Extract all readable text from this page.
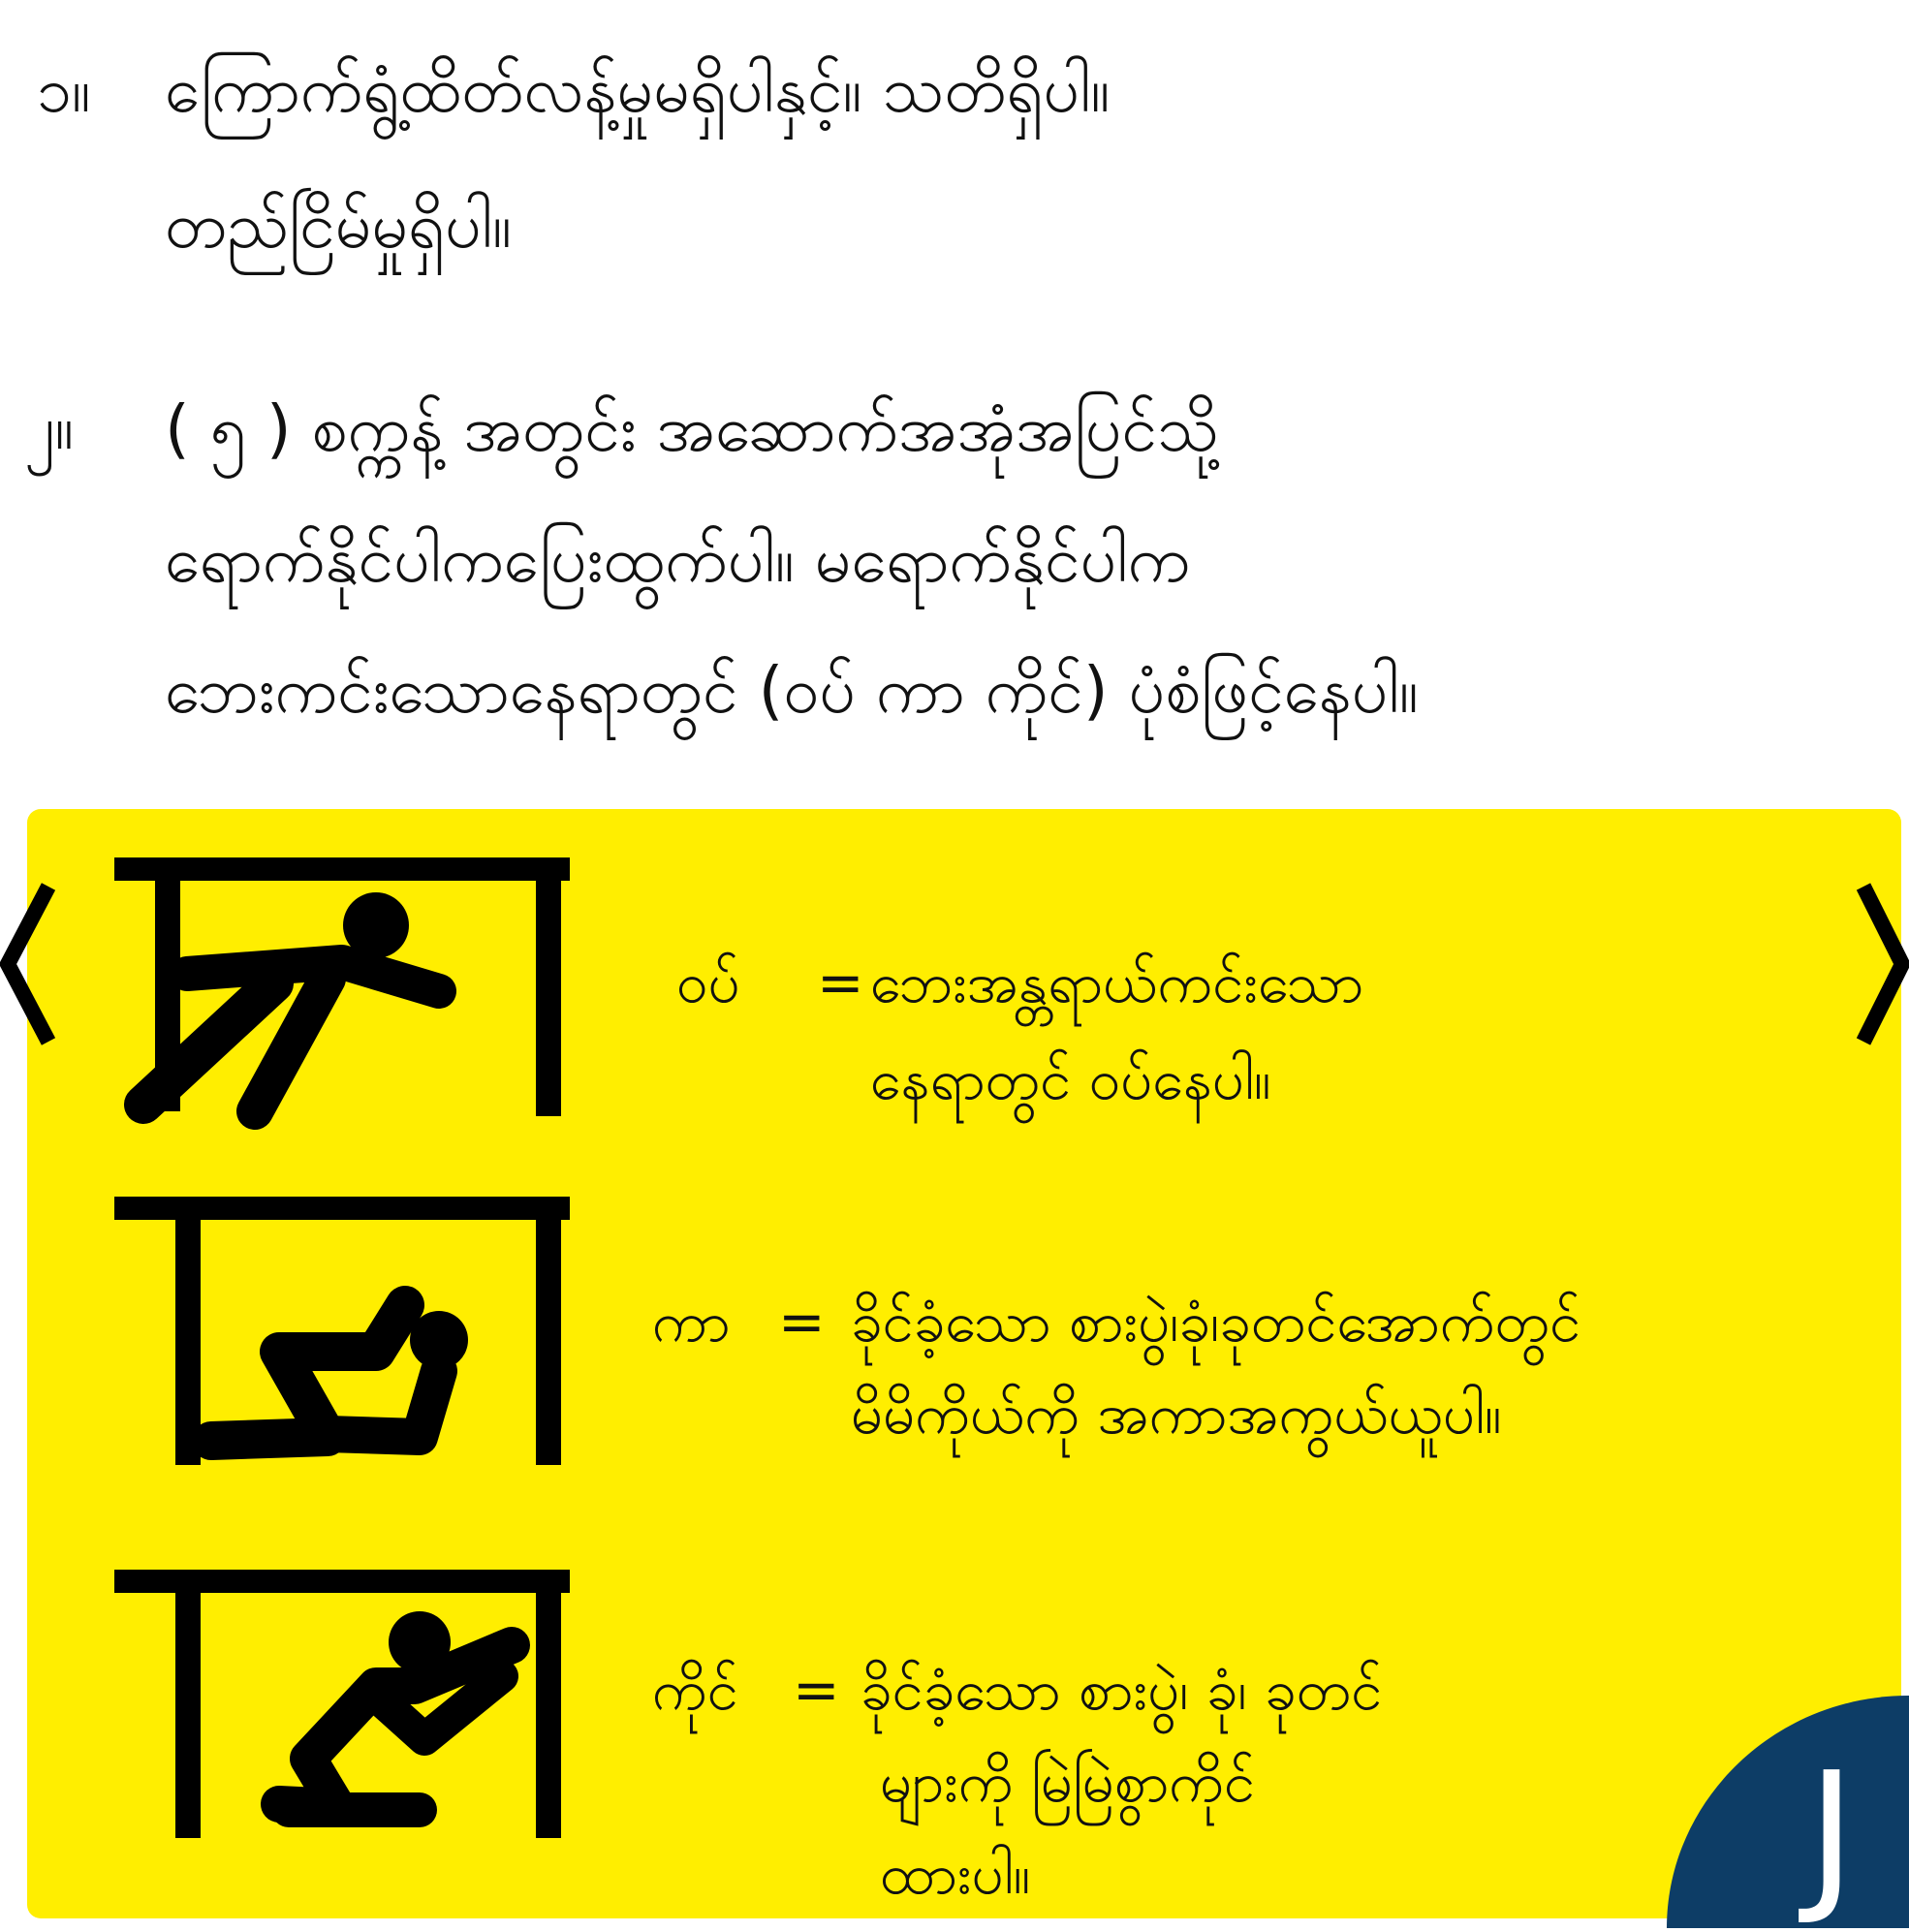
၁။ ကြောက်ရွံ့ထိတ်လန့်မှုမရှိပါနှင့်။ သတိရှိပါ။
တည်ငြိမ်မှုရှိပါ။
၂။ ( ၅ ) စက္ကန့် အတွင်း အဆောက်အအုံအပြင်သို့
ရောက်နိုင်ပါကပြေးထွက်ပါ။ မရောက်နိုင်ပါက
ဘေးကင်းသောနေရာတွင် (ဝပ် ကာ ကိုင်) ပုံစံဖြင့်နေပါ။
ဝပ် = ဘေးအန္တရာယ်ကင်းသော
နေရာတွင် ဝပ်နေပါ။
ကာ = ခိုင်ခံ့သော စားပွဲ၊ခုံ၊ခုတင်အောက်တွင်
မိမိကိုယ်ကို အကာအကွယ်ယူပါ။
ကိုင် = ခိုင်ခံ့သော စားပွဲ၊ ခုံ၊ ခုတင်
များကို မြဲမြဲစွာကိုင်
ထားပါ။	J
